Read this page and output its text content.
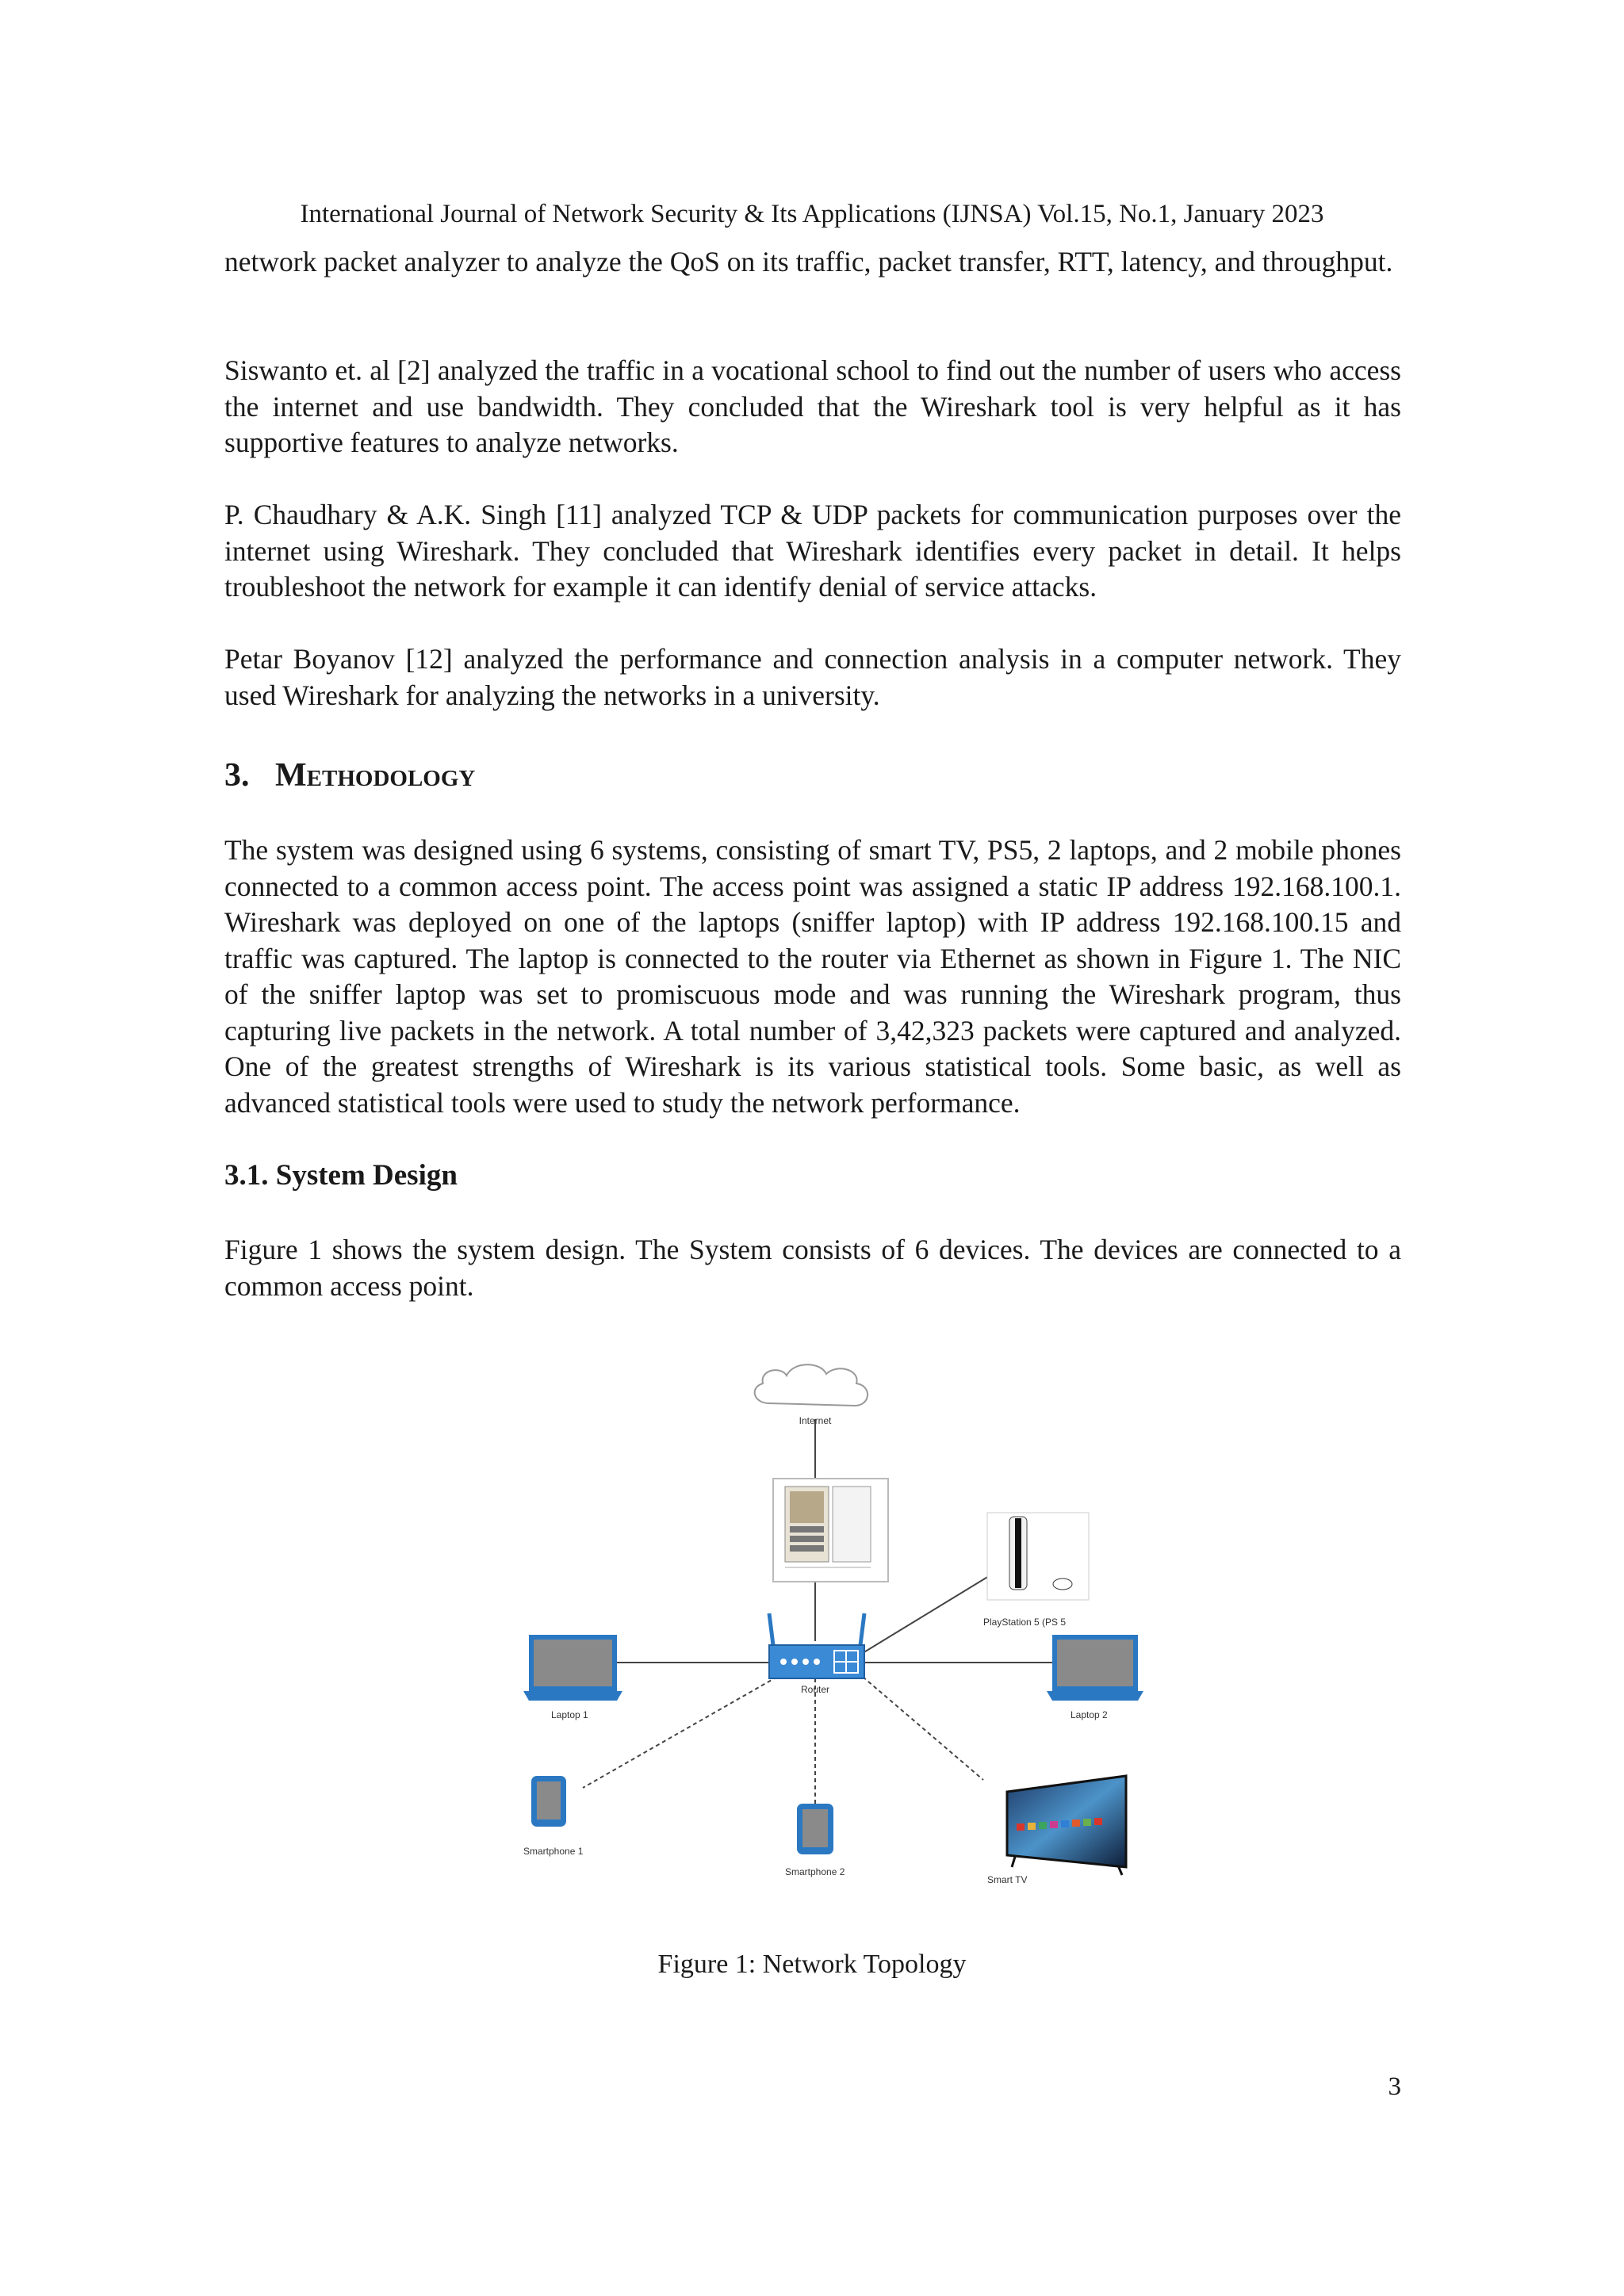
International Journal of Network Security & Its Applications (IJNSA) Vol.15, No.1, January 2023

network packet analyzer to analyze the QoS on its traffic, packet transfer, RTT, latency, and throughput.

Siswanto et. al [2] analyzed the traffic in a vocational school to find out the number of users who access the internet and use bandwidth. They concluded that the Wireshark tool is very helpful as it has supportive features to analyze networks.

P. Chaudhary & A.K. Singh [11] analyzed TCP & UDP packets for communication purposes over the internet using Wireshark. They concluded that Wireshark identifies every packet in detail. It helps troubleshoot the network for example it can identify denial of service attacks.

Petar Boyanov [12] analyzed the performance and connection analysis in a computer network. They used Wireshark for analyzing the networks in a university.

3. Methodology

The system was designed using 6 systems, consisting of smart TV, PS5, 2 laptops, and 2 mobile phones connected to a common access point. The access point was assigned a static IP address 192.168.100.1. Wireshark was deployed on one of the laptops (sniffer laptop) with IP address 192.168.100.15 and traffic was captured. The laptop is connected to the router via Ethernet as shown in Figure 1. The NIC of the sniffer laptop was set to promiscuous mode and was running the Wireshark program, thus capturing live packets in the network. A total number of 3,42,323 packets were captured and analyzed. One of the greatest strengths of Wireshark is its various statistical tools. Some basic, as well as advanced statistical tools were used to study the network performance.

3.1. System Design

Figure 1 shows the system design. The System consists of 6 devices. The devices are connected to a common access point.

Internet
PlayStation 5 (PS 5
Router
Laptop 1	Laptop 2
Smartphone 1
Smartphone 2
Smart TV
Figure 1: Network Topology
3
